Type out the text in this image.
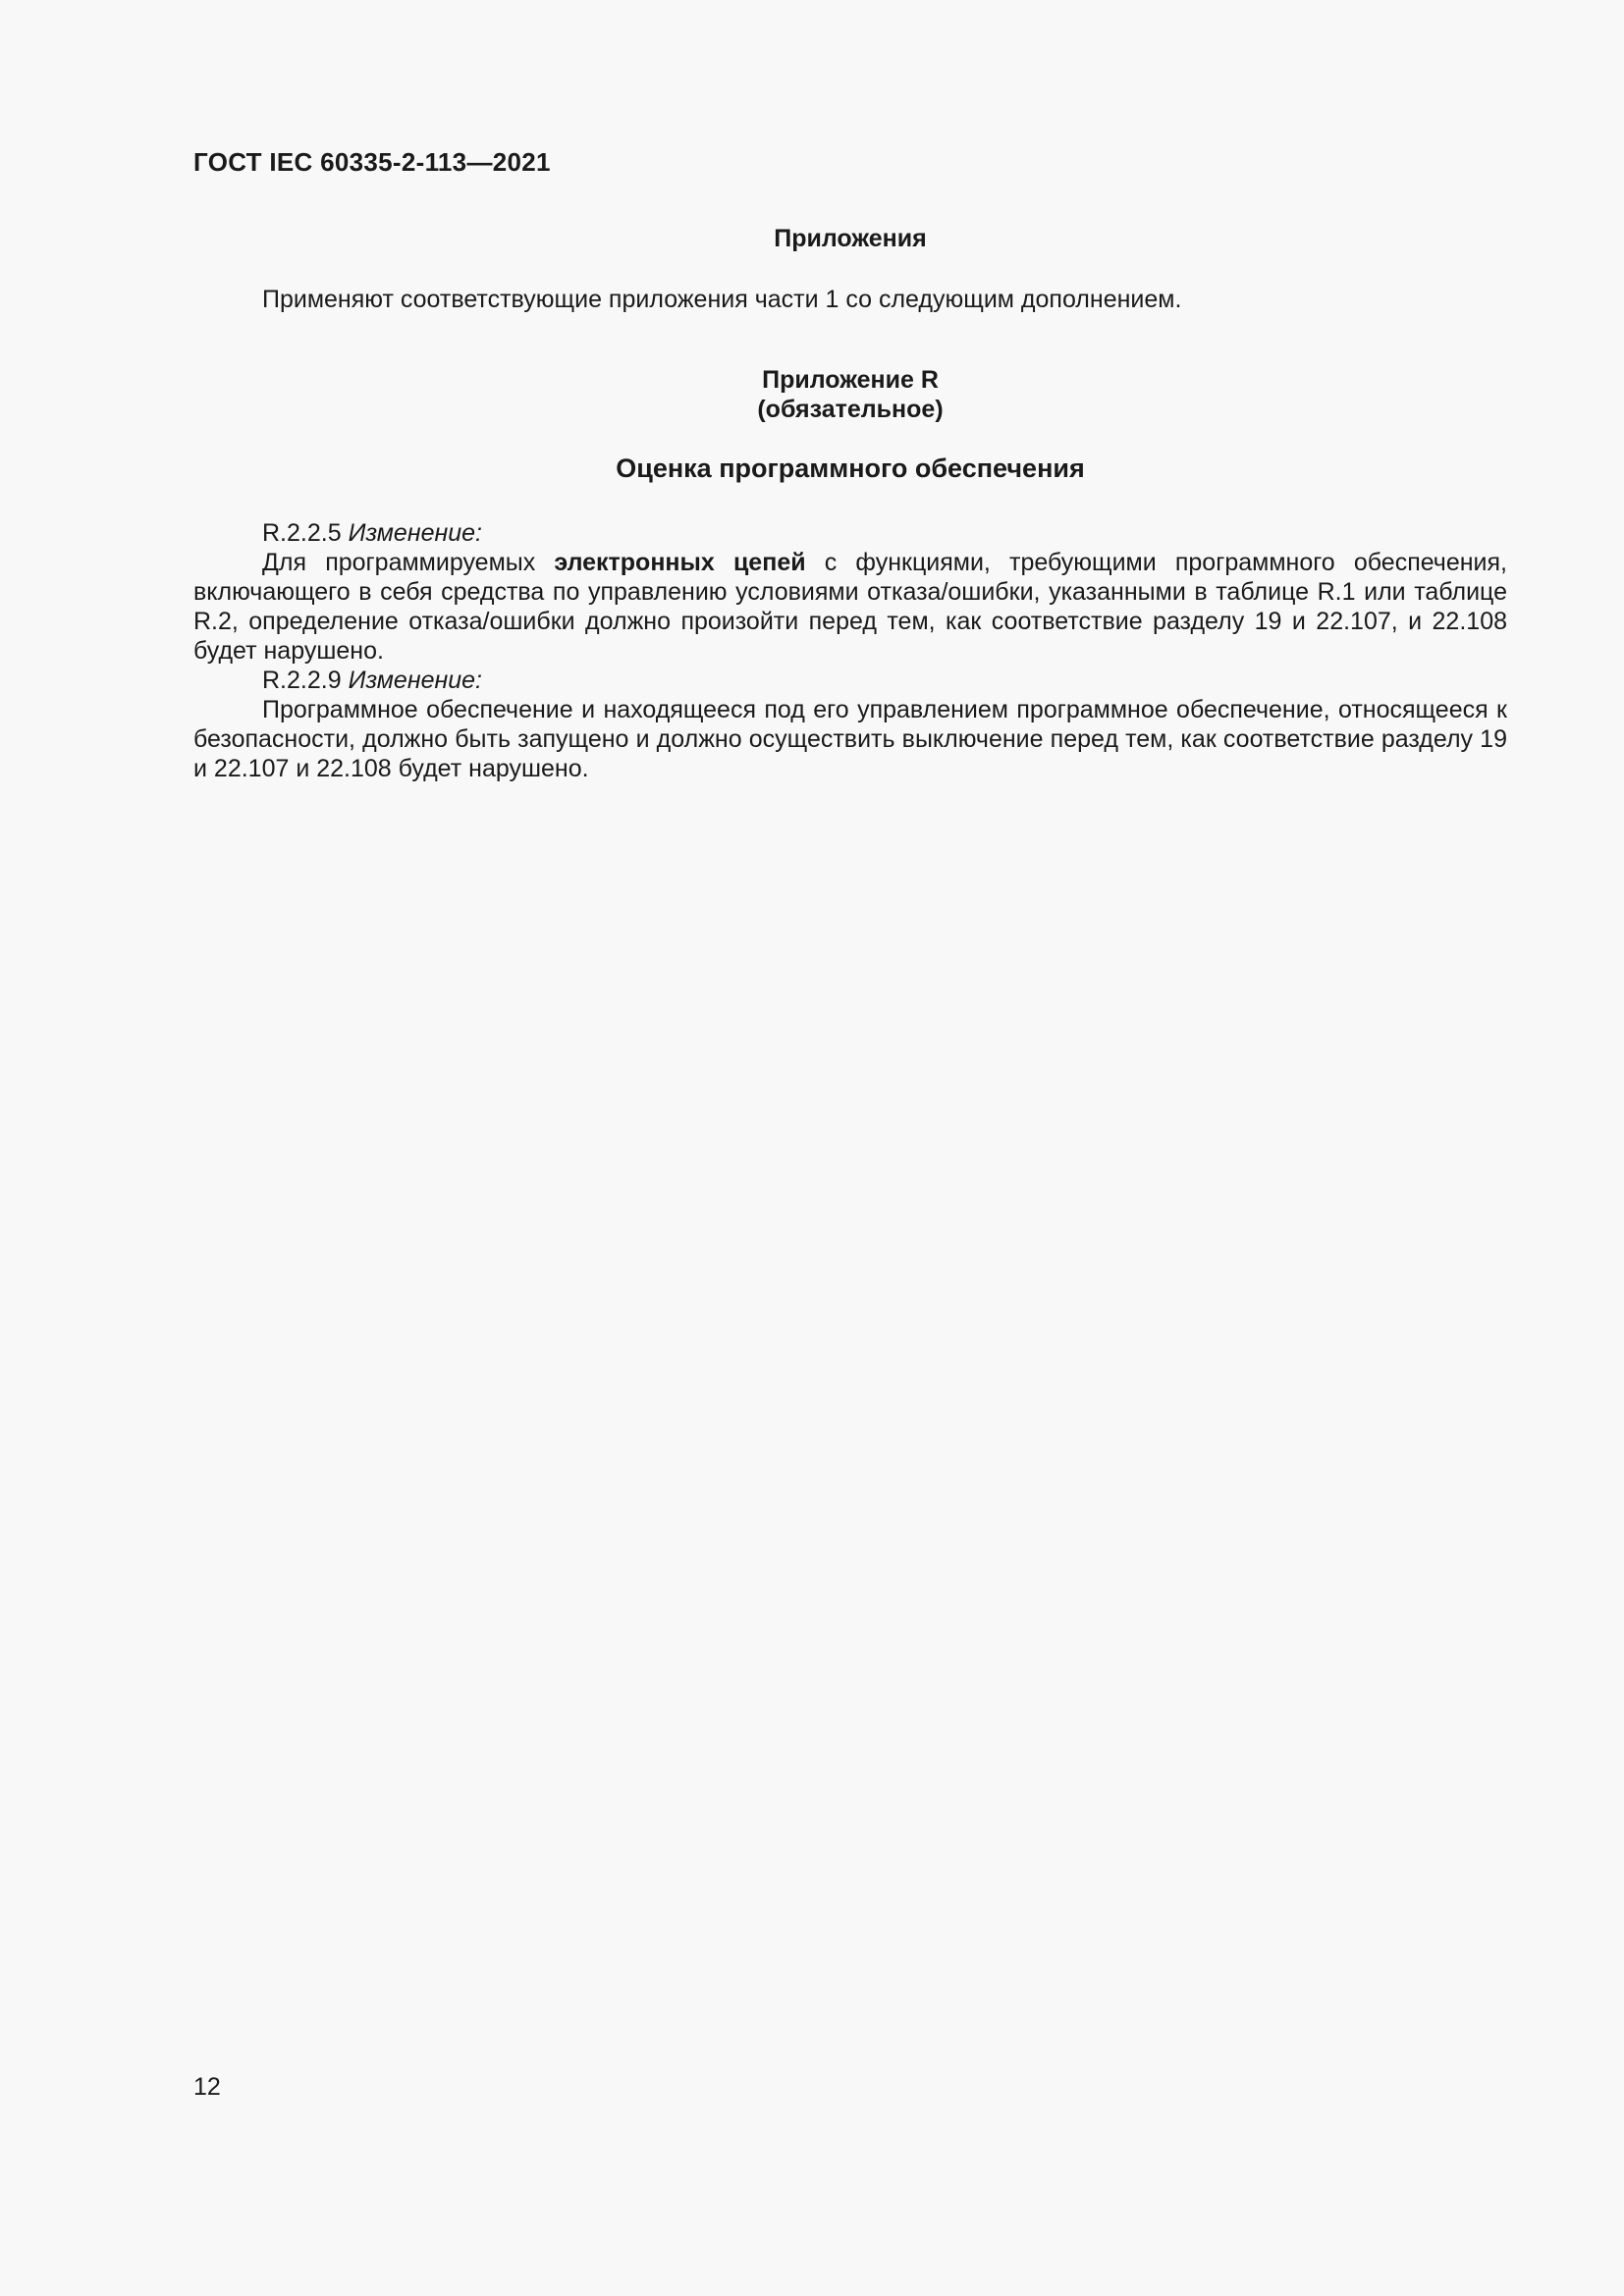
ГОСТ IEC 60335-2-113—2021

Приложения

Применяют соответствующие приложения части 1 со следующим дополнением.

Приложение R

(обязательное)

Оценка программного обеспечения

R.2.2.5 Изменение:

Для программируемых электронных цепей с функциями, требующими программного обеспечения, включающего в себя средства по управлению условиями отказа/ошибки, указанными в таблице R.1 или таблице R.2, определение отказа/ошибки должно произойти перед тем, как соответствие разделу 19 и 22.107, и 22.108 будет нарушено.

R.2.2.9 Изменение:

Программное обеспечение и находящееся под его управлением программное обеспечение, относящееся к безопасности, должно быть запущено и должно осуществить выключение перед тем, как соответствие разделу 19 и 22.107 и 22.108 будет нарушено.

12
